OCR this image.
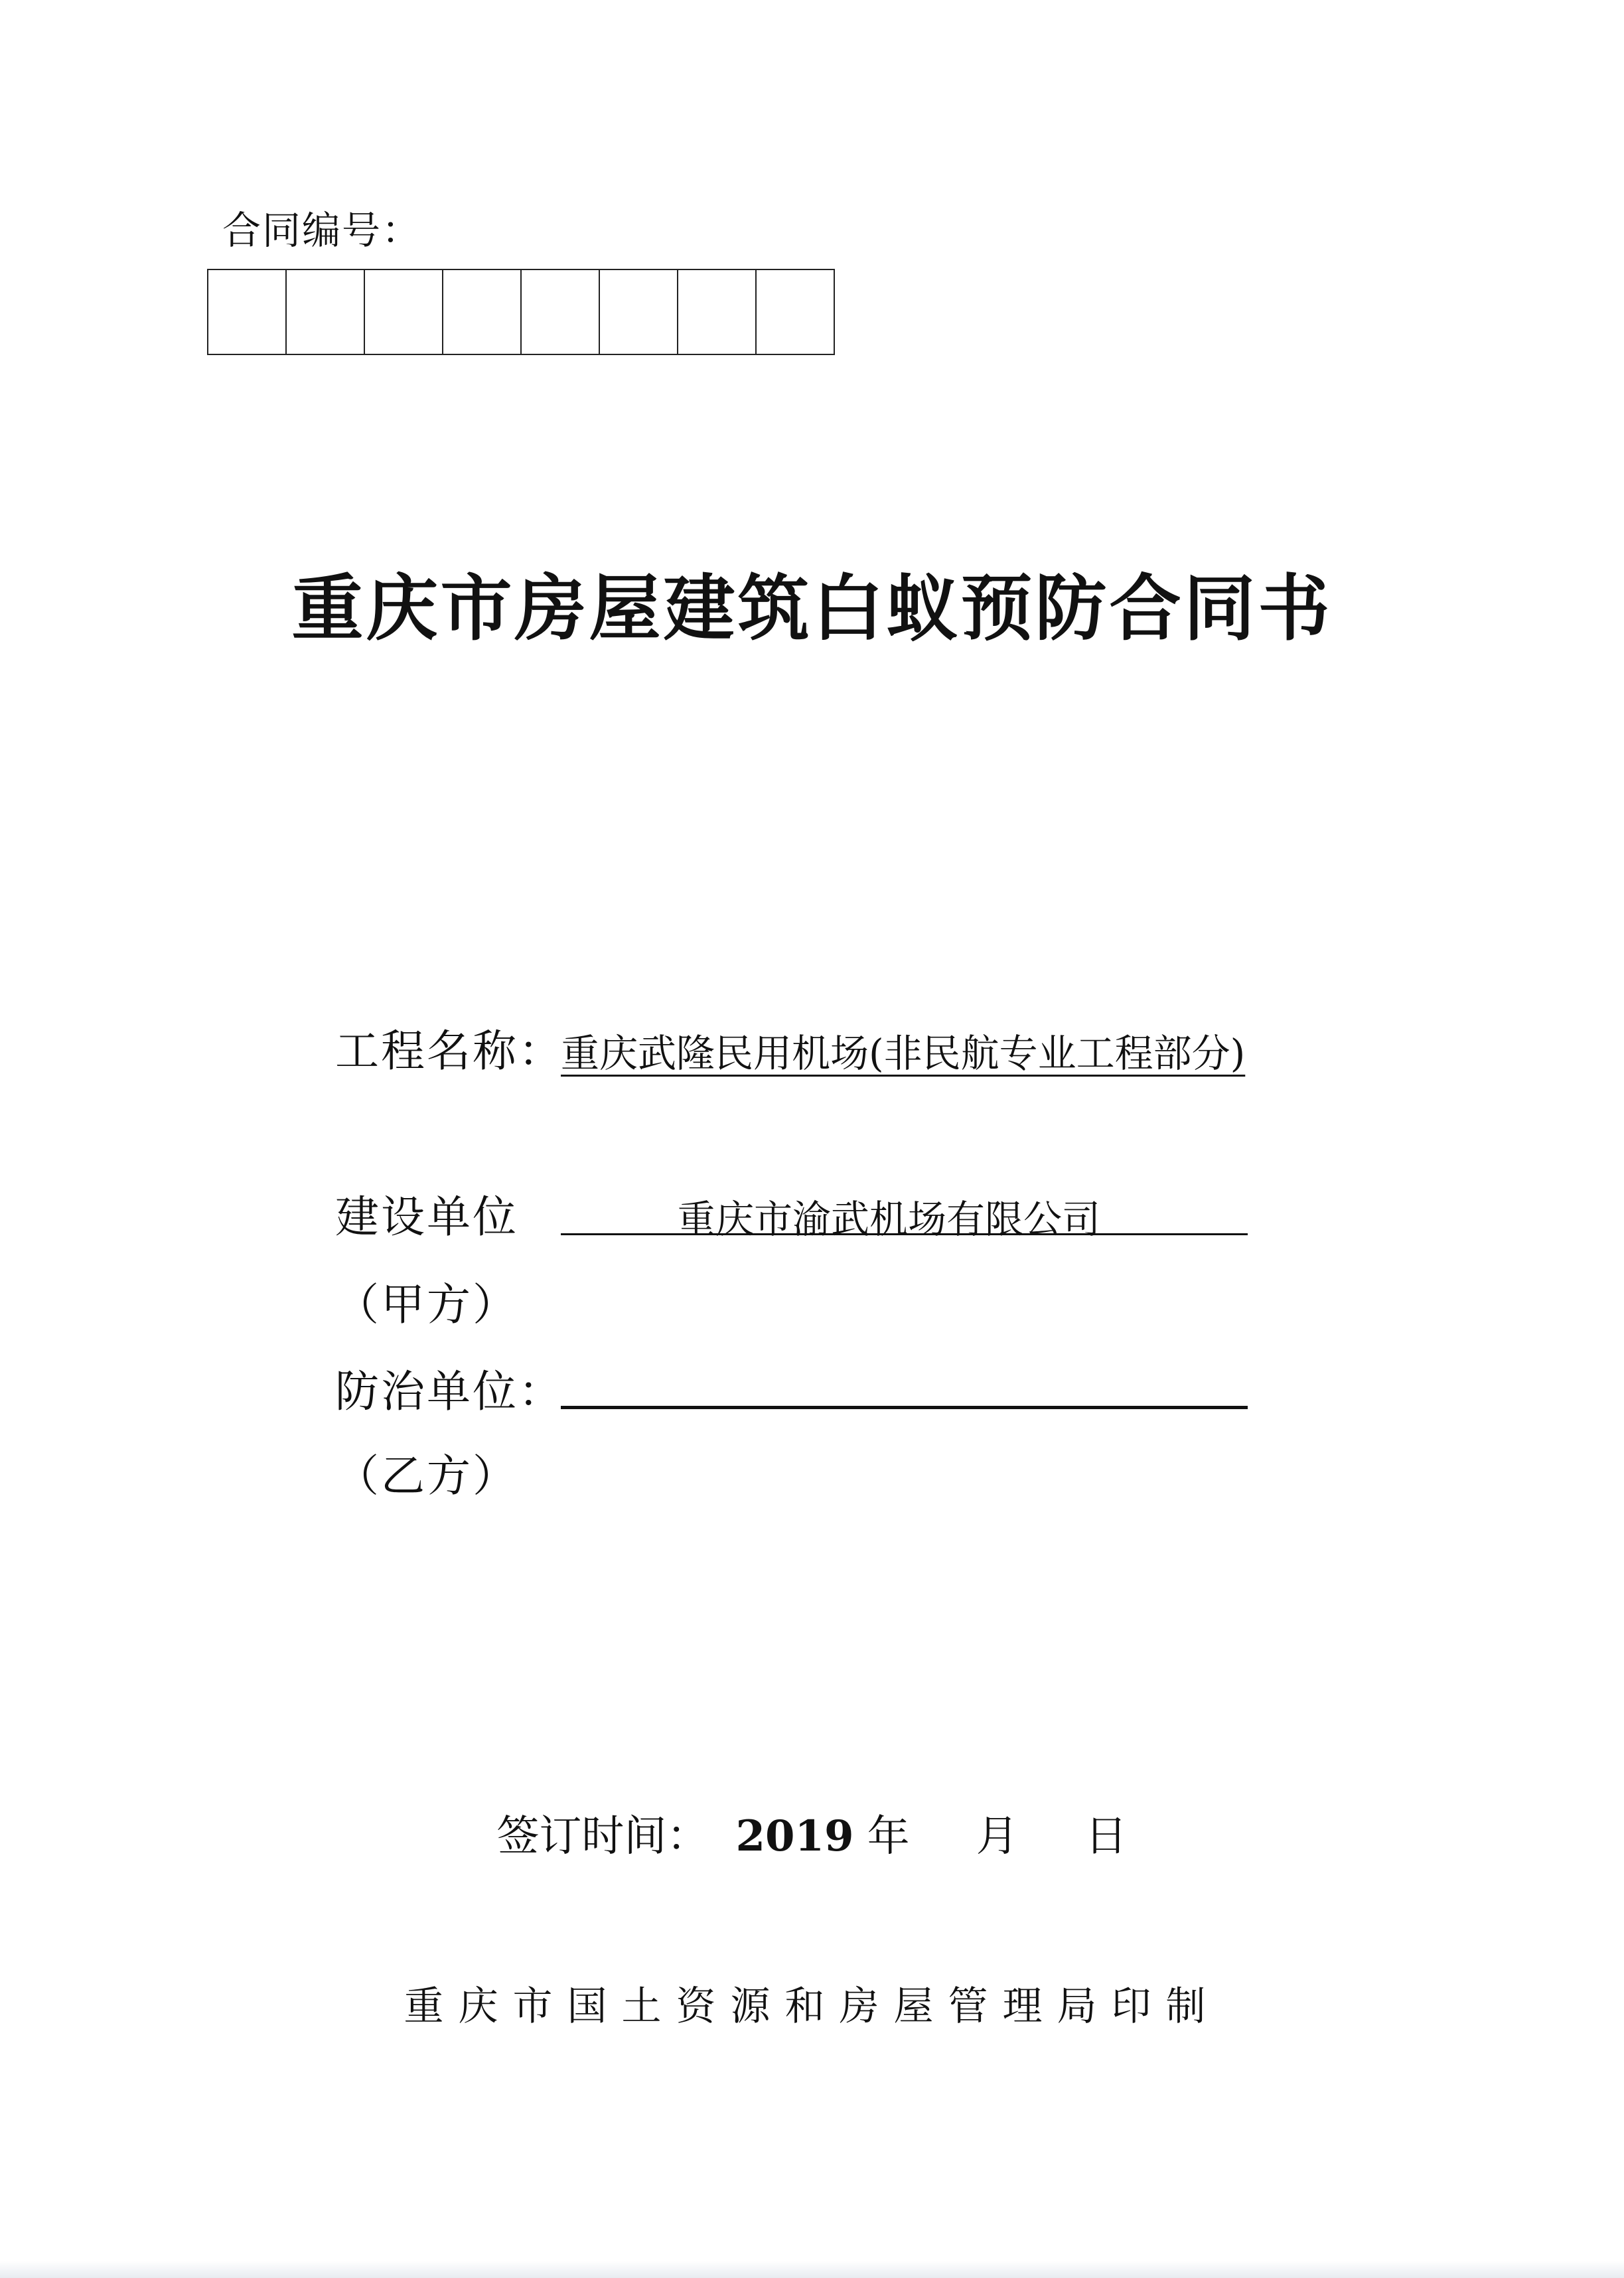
合同编号：
重庆市房屋建筑白蚁预防合同书
工程名称：
重庆武隆民用机场(非民航专业工程部分)
建设单位	重庆市渝武机场有限公司
（甲方）
防治单位：
（乙方）
签订时间： 2019 年 月 日
重庆市国土资源和房屋管理局印制
